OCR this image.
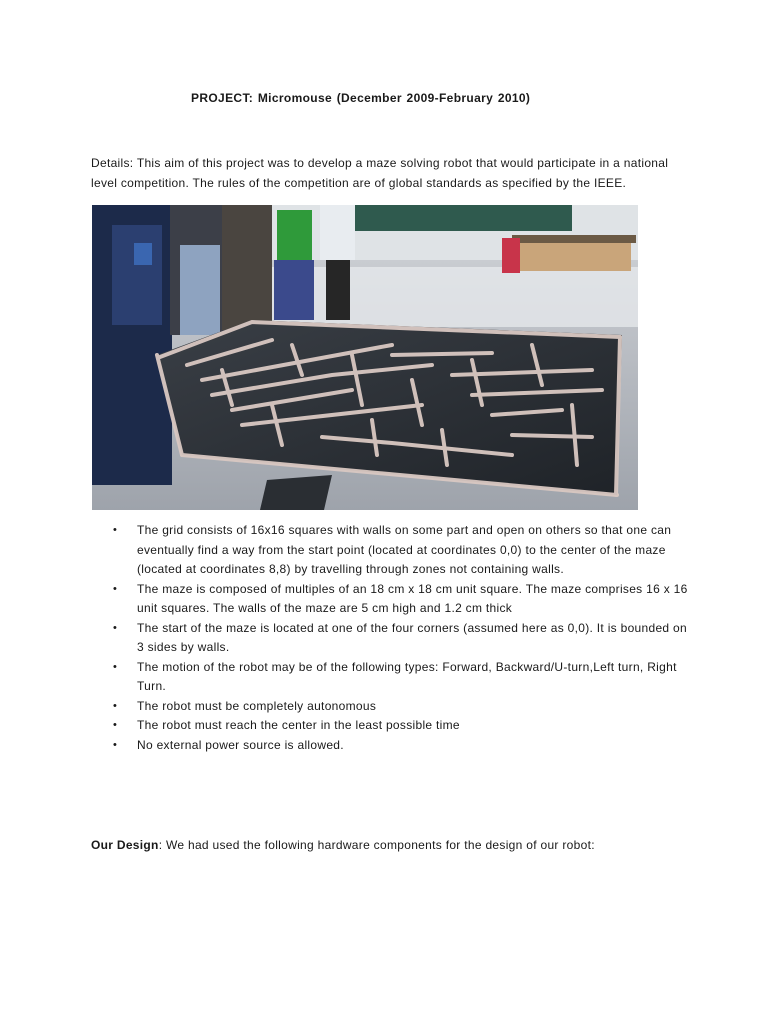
PROJECT: Micromouse (December 2009-February 2010)
Details: This aim of this project was to develop a maze solving robot that would participate in a national level competition. The rules of the competition are of global standards as specified by the IEEE.
• The grid consists of 16x16 squares with walls on some part and open on others so that one can eventually find a way from the start point (located at coordinates 0,0) to the center of the maze (located at coordinates 8,8) by travelling through zones not containing walls.
• The maze is composed of multiples of an 18 cm x 18 cm unit square. The maze comprises 16 x 16 unit squares. The walls of the maze are 5 cm high and 1.2 cm thick
• The start of the maze is located at one of the four corners (assumed here as 0,0). It is bounded on 3 sides by walls.
• The motion of the robot may be of the following types: Forward, Backward/U-turn,Left turn, Right Turn.
• The robot must be completely autonomous
• The robot must reach the center in the least possible time
• No external power source is allowed.
Our Design: We had used the following hardware components for the design of our robot:
